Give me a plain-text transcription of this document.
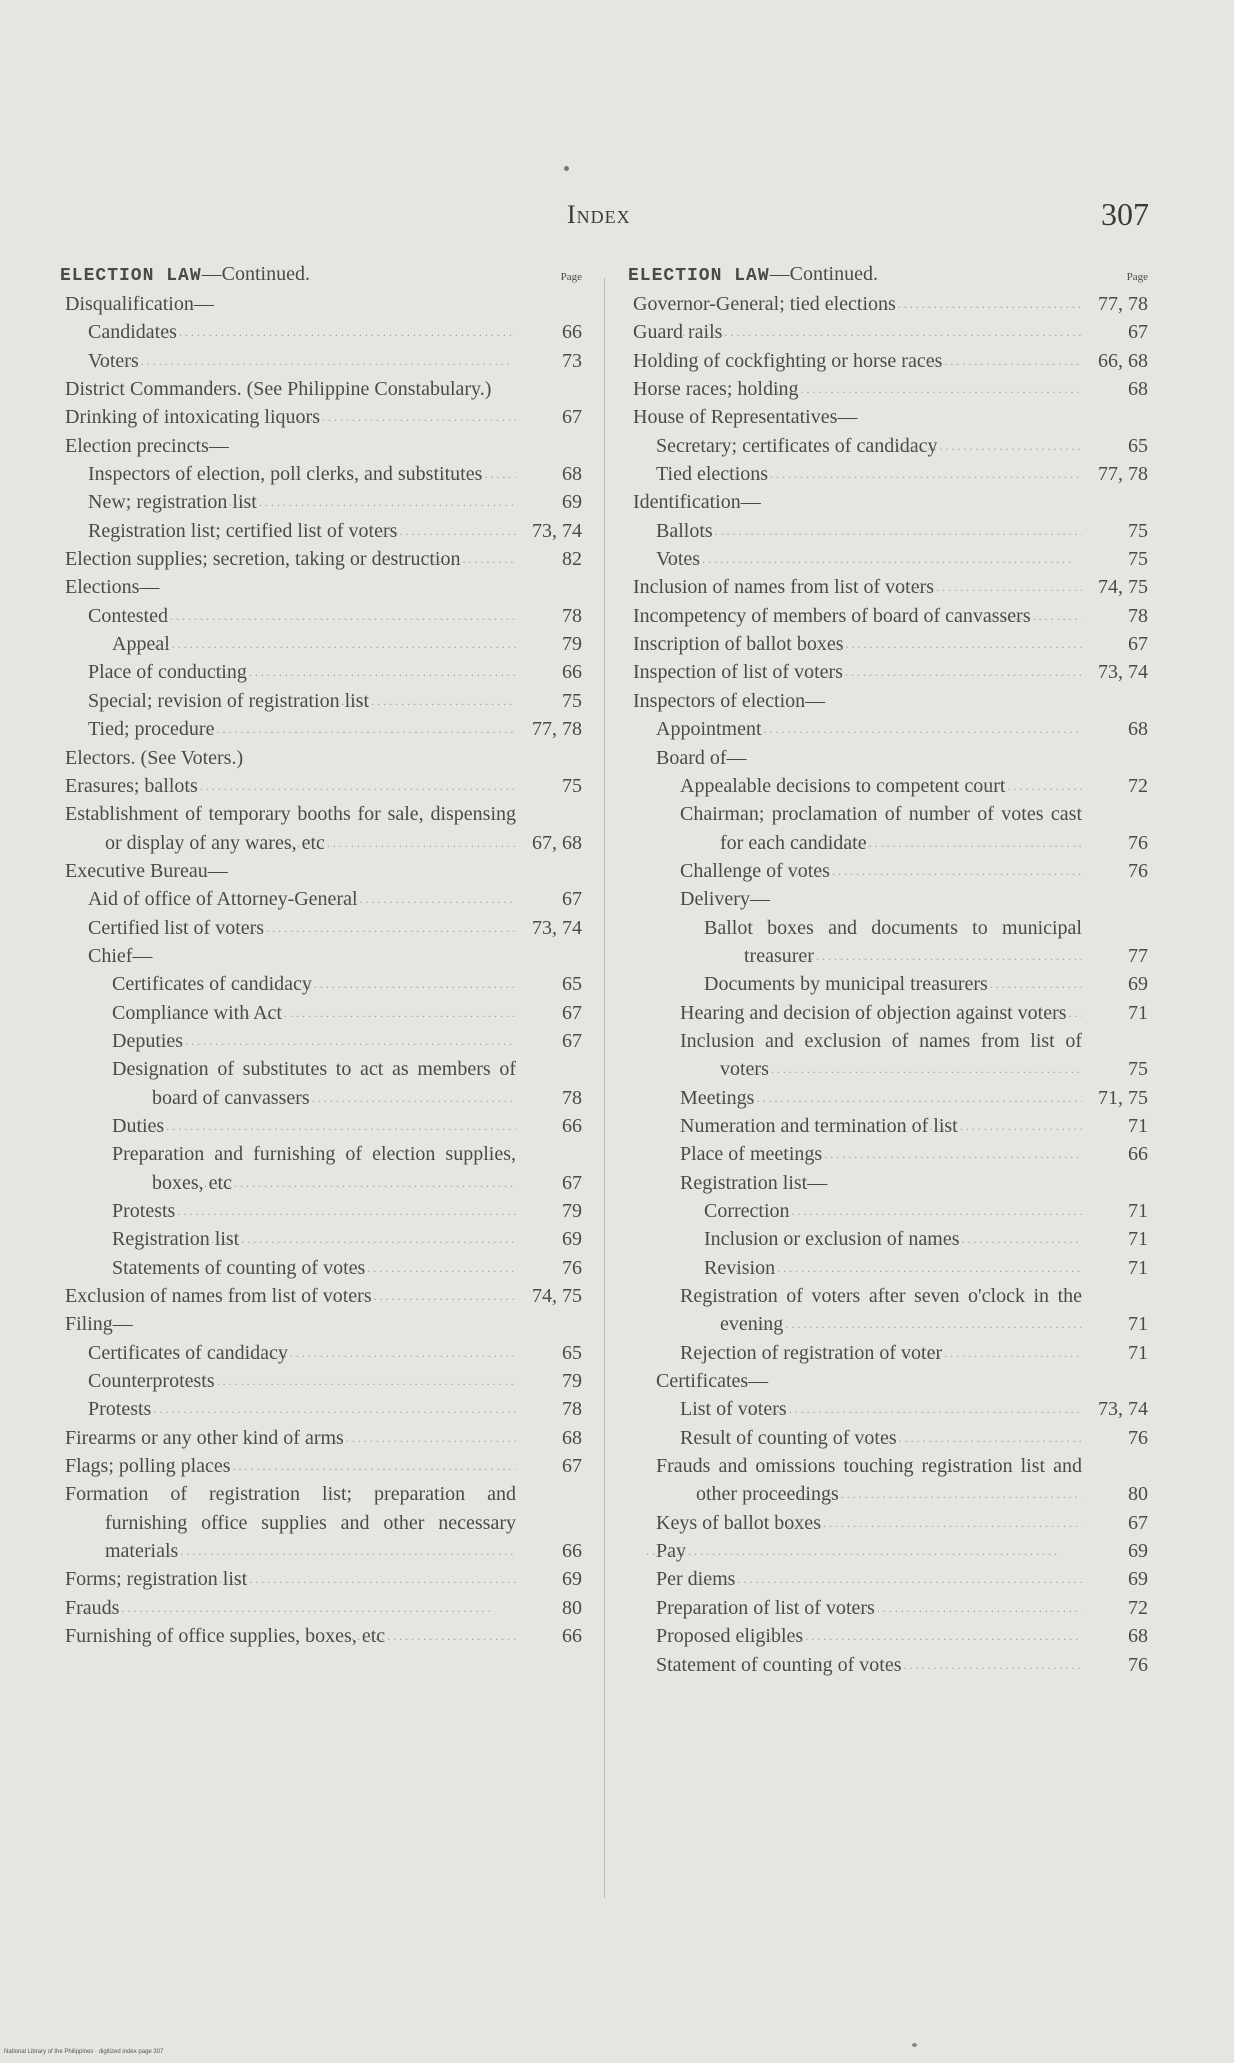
Index	307
ELECTION LAW—Continued.	Page
Disqualification—
Candidates . . .	66
Voters . . .	73
District Commanders. (See Philippine Constabulary.)
Drinking of intoxicating liquors . . .	67
Election precincts—
Inspectors of election, poll clerks, and substitutes . . .	68
New; registration list . . .	69
Registration list; certified list of voters . . .	73, 74
Election supplies; secretion, taking or destruction . . .	82
Elections—
Contested . . .	78
Appeal . . .	79
Place of conducting . . .	66
Special; revision of registration list . . .	75
Tied; procedure . . .	77, 78
Electors. (See Voters.)
Erasures; ballots . . .	75
Establishment of temporary booths for sale, dispensing or display of any wares, etc . . .	67, 68
Executive Bureau—
Aid of office of Attorney-General . . .	67
Certified list of voters . . .	73, 74
Chief—
Certificates of candidacy . . .	65
Compliance with Act . . .	67
Deputies . . .	67
Designation of substitutes to act as members of board of canvassers . . .	78
Duties . . .	66
Preparation and furnishing of election supplies, boxes, etc . . .	67
Protests . . .	79
Registration list . . .	69
Statements of counting of votes . . .	76
Exclusion of names from list of voters . . .	74, 75
Filing—
Certificates of candidacy . . .	65
Counterprotests . . .	79
Protests . . .	78
Firearms or any other kind of arms . . .	68
Flags; polling places . . .	67
Formation of registration list; preparation and furnishing office supplies and other necessary materials . . .	66
Forms; registration list . . .	69
Frauds . . .	80
Furnishing of office supplies, boxes, etc . . .	66
ELECTION LAW—Continued.	Page
Governor-General; tied elections . . .	77, 78
Guard rails . . .	67
Holding of cockfighting or horse races . . .	66, 68
Horse races; holding . . .	68
House of Representatives—
Secretary; certificates of candidacy . . .	65
Tied elections . . .	77, 78
Identification—
Ballots . . .	75
Votes . . .	75
Inclusion of names from list of voters . . .	74, 75
Incompetency of members of board of canvassers . . .	78
Inscription of ballot boxes . . .	67
Inspection of list of voters . . .	73, 74
Inspectors of election—
Appointment . . .	68
Board of—
Appealable decisions to competent court . . .	72
Chairman; proclamation of number of votes cast for each candidate . . .	76
Challenge of votes . . .	76
Delivery—
Ballot boxes and documents to municipal treasurer . . .	77
Documents by municipal treasurers . . .	69
Hearing and decision of objection against voters . . .	71
Inclusion and exclusion of names from list of voters . . .	75
Meetings . . .	71, 75
Numeration and termination of list . . .	71
Place of meetings . . .	66
Registration list—
Correction . . .	71
Inclusion or exclusion of names . . .	71
Revision . . .	71
Registration of voters after seven o'clock in the evening . . .	71
Rejection of registration of voter . . .	71
Certificates—
List of voters . . .	73, 74
Result of counting of votes . . .	76
Frauds and omissions touching registration list and other proceedings . . .	80
Keys of ballot boxes . . .	67
Pay . . .	69
Per diems . . .	69
Preparation of list of voters . . .	72
Proposed eligibles . . .	68
Statement of counting of votes . . .	76
National Library of the Philippines · digitized index page 307
